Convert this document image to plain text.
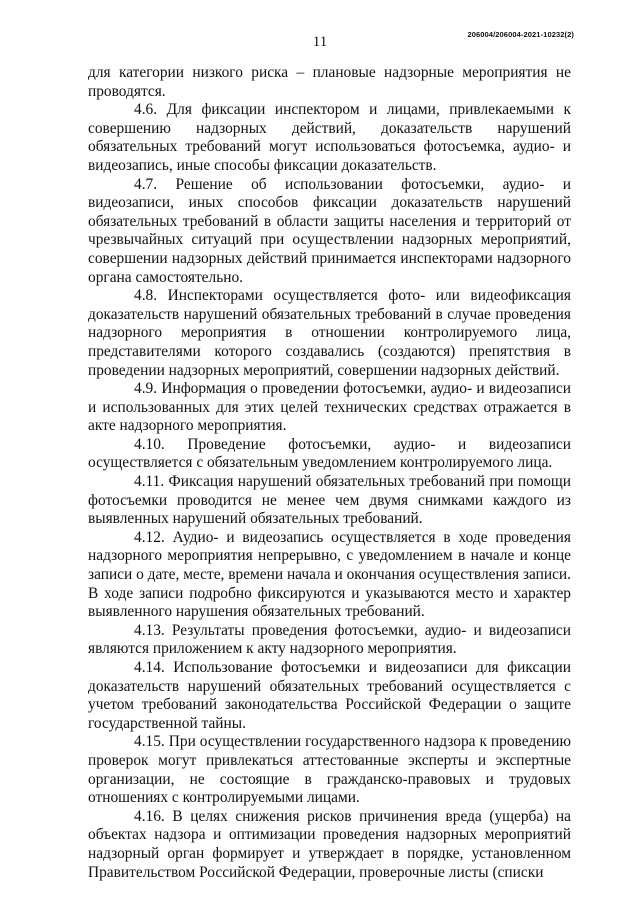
11	206004/206004-2021-10232(2)

для категории низкого риска – плановые надзорные мероприятия не проводятся.

4.6. Для фиксации инспектором и лицами, привлекаемыми к совершению надзорных действий, доказательств нарушений обязательных требований могут использоваться фотосъемка, аудио- и видеозапись, иные способы фиксации доказательств.

4.7. Решение об использовании фотосъемки, аудио- и видеозаписи, иных способов фиксации доказательств нарушений обязательных требований в области защиты населения и территорий от чрезвычайных ситуаций при осуществлении надзорных мероприятий, совершении надзорных действий принимается инспекторами надзорного органа самостоятельно.

4.8. Инспекторами осуществляется фото- или видеофиксация доказательств нарушений обязательных требований в случае проведения надзорного мероприятия в отношении контролируемого лица, представителями которого создавались (создаются) препятствия в проведении надзорных мероприятий, совершении надзорных действий.

4.9. Информация о проведении фотосъемки, аудио- и видеозаписи и использованных для этих целей технических средствах отражается в акте надзорного мероприятия.

4.10. Проведение фотосъемки, аудио- и видеозаписи осуществляется с обязательным уведомлением контролируемого лица.

4.11. Фиксация нарушений обязательных требований при помощи фотосъемки проводится не менее чем двумя снимками каждого из выявленных нарушений обязательных требований.

4.12. Аудио- и видеозапись осуществляется в ходе проведения надзорного мероприятия непрерывно, с уведомлением в начале и конце записи о дате, месте, времени начала и окончания осуществления записи. В ходе записи подробно фиксируются и указываются место и характер выявленного нарушения обязательных требований.

4.13. Результаты проведения фотосъемки, аудио- и видеозаписи являются приложением к акту надзорного мероприятия.

4.14. Использование фотосъемки и видеозаписи для фиксации доказательств нарушений обязательных требований осуществляется с учетом требований законодательства Российской Федерации о защите государственной тайны.

4.15. При осуществлении государственного надзора к проведению проверок могут привлекаться аттестованные эксперты и экспертные организации, не состоящие в гражданско-правовых и трудовых отношениях с контролируемыми лицами.

4.16. В целях снижения рисков причинения вреда (ущерба) на объектах надзора и оптимизации проведения надзорных мероприятий надзорный орган формирует и утверждает в порядке, установленном Правительством Российской Федерации, проверочные листы (списки
